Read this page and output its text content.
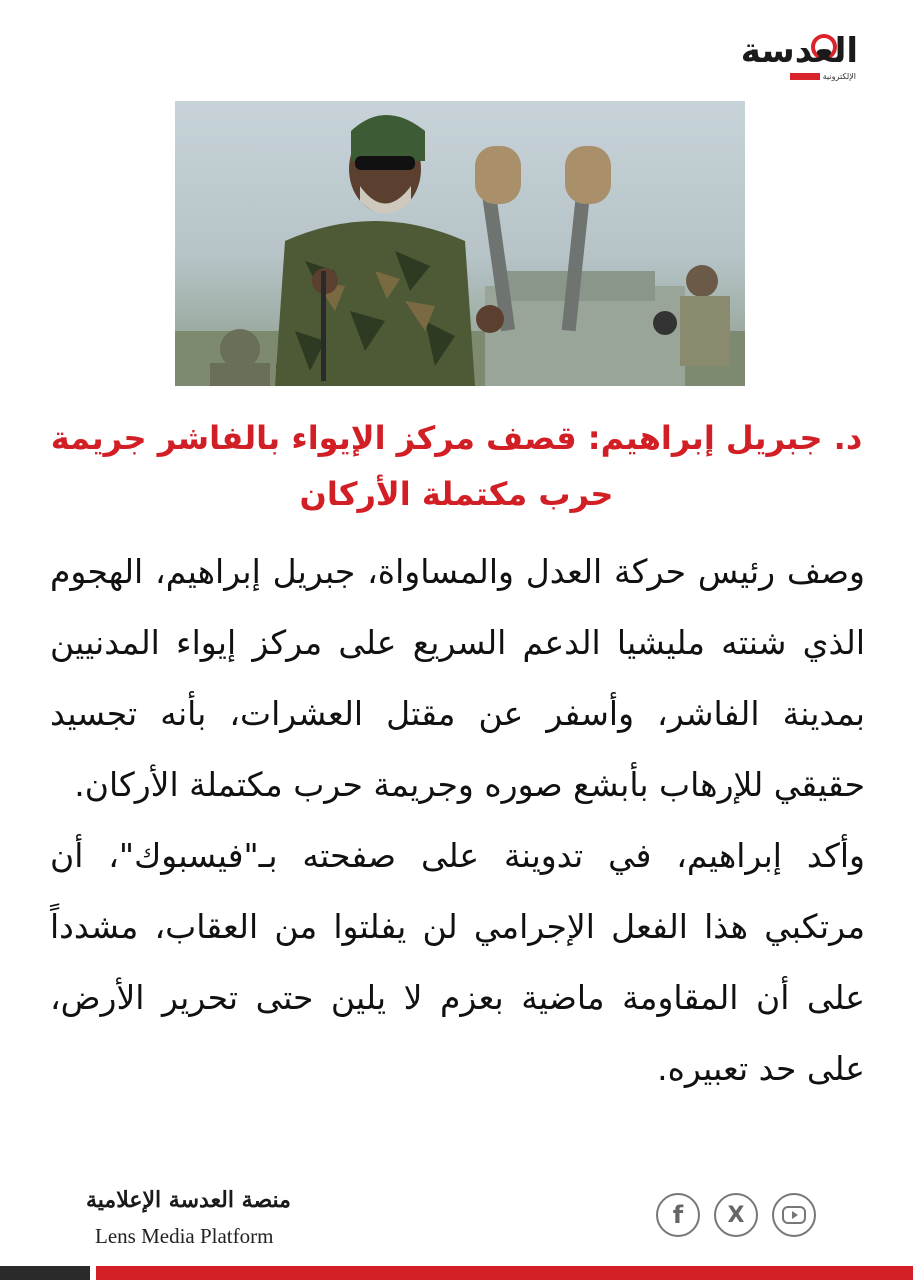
العدسة
الإلكترونية
د. جبريل إبراهيم: قصف مركز الإيواء بالفاشر جريمة حرب مكتملة الأركان

وصف رئيس حركة العدل والمساواة، جبريل إبراهيم، الهجوم الذي شنته مليشيا الدعم السريع على مركز إيواء المدنيين بمدينة الفاشر، وأسفر عن مقتل العشرات، بأنه تجسيد حقيقي للإرهاب بأبشع صوره وجريمة حرب مكتملة الأركان.

وأكد إبراهيم، في تدوينة على صفحته بـ"فيسبوك"، أن مرتكبي هذا الفعل الإجرامي لن يفلتوا من العقاب، مشدداً على أن المقاومة ماضية بعزم لا يلين حتى تحرير الأرض، على حد تعبيره.

منصة العدسة الإعلامية
Lens Media Platform
f	X
